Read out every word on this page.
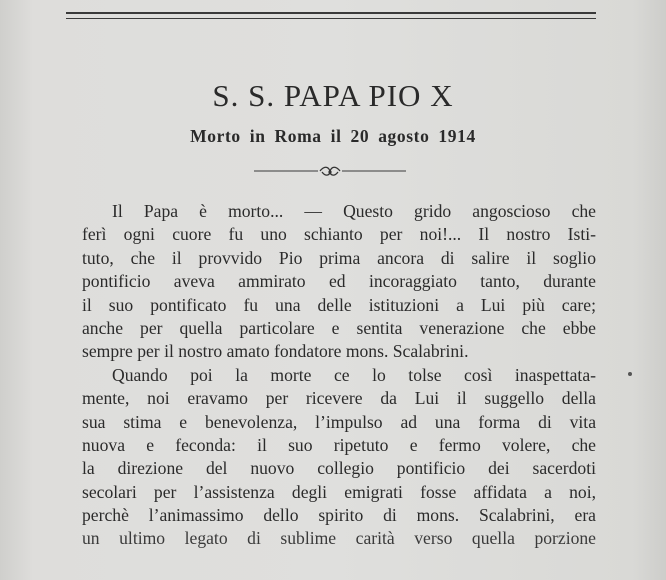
S. S. PAPA PIO X
Morto in Roma il 20 agosto 1914
Il Papa è morto... — Questo grido angoscioso che
ferì ogni cuore fu uno schianto per noi!... Il nostro Isti-
tuto, che il provvido Pio prima ancora di salire il soglio
pontificio aveva ammirato ed incoraggiato tanto, durante
il suo pontificato fu una delle istituzioni a Lui più care;
anche per quella particolare e sentita venerazione che ebbe
sempre per il nostro amato fondatore mons. Scalabrini.
Quando poi la morte ce lo tolse così inaspettata-
mente, noi eravamo per ricevere da Lui il suggello della
sua stima e benevolenza, l’impulso ad una forma di vita
nuova e feconda: il suo ripetuto e fermo volere, che
la direzione del nuovo collegio pontificio dei sacerdoti
secolari per l’assistenza degli emigrati fosse affidata a noi,
perchè l’animassimo dello spirito di mons. Scalabrini, era
un ultimo legato di sublime carità verso quella porzione
